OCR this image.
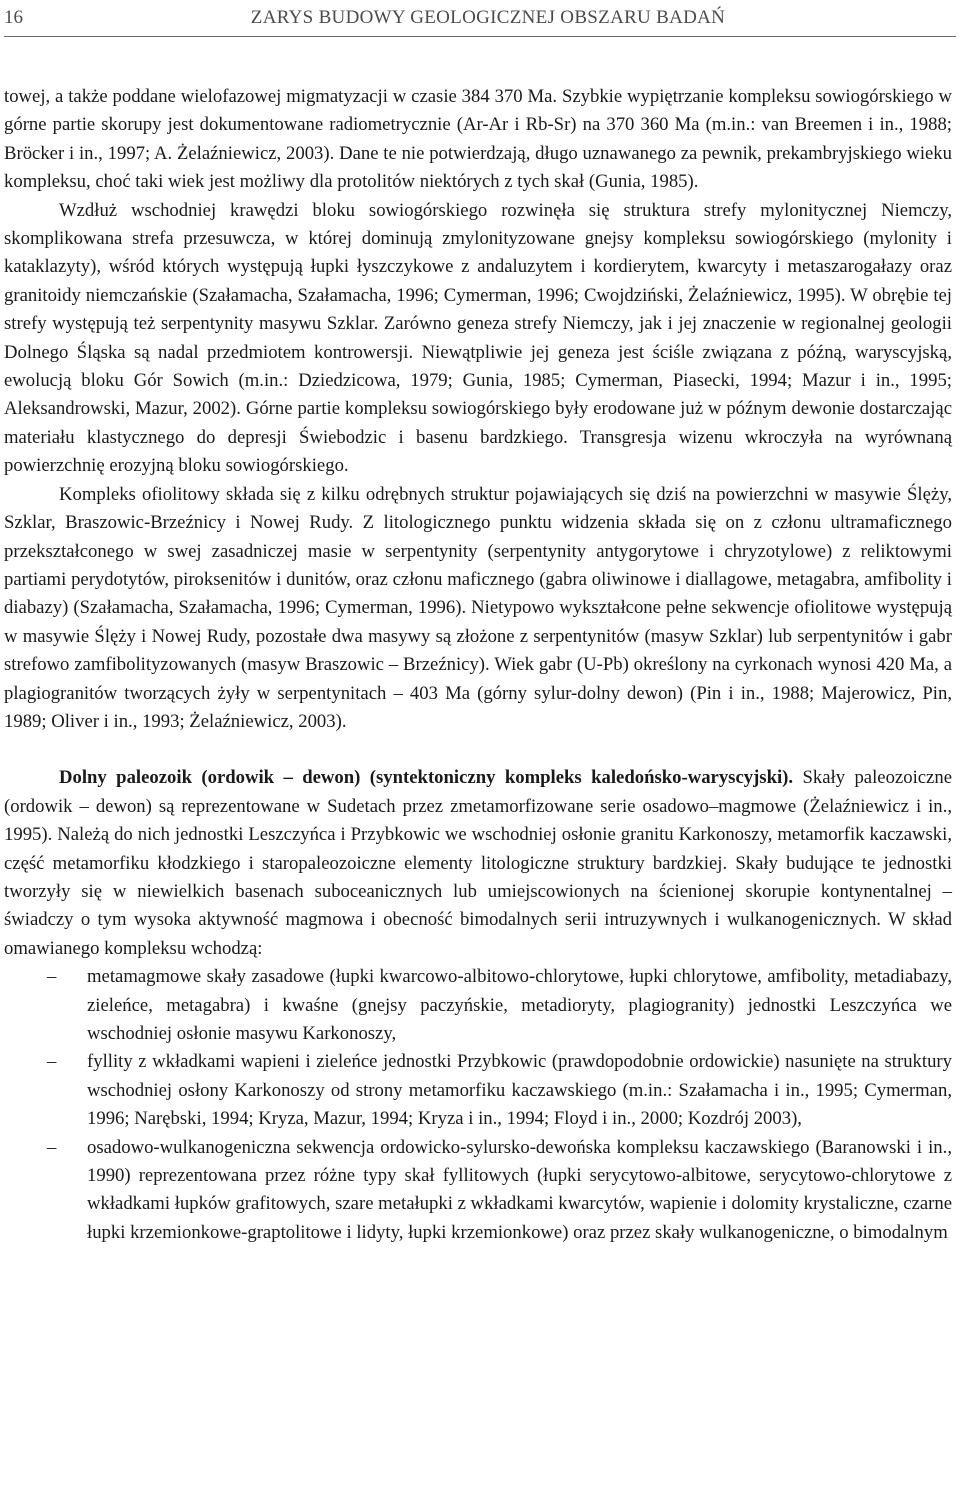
16	ZARYS BUDOWY GEOLOGICZNEJ OBSZARU BADAŃ

towej, a także poddane wielofazowej migmatyzacji w czasie 384 370 Ma. Szybkie wypiętrzanie kompleksu sowiogórskiego w górne partie skorupy jest dokumentowane radiometrycznie (Ar-Ar i Rb-Sr) na 370 360 Ma (m.in.: van Breemen i in., 1988; Bröcker i in., 1997; A. Żelaźniewicz, 2003). Dane te nie potwierdzają, długo uznawanego za pewnik, prekambryjskiego wieku kompleksu, choć taki wiek jest możliwy dla protolitów niektórych z tych skał (Gunia, 1985).

Wzdłuż wschodniej krawędzi bloku sowiogórskiego rozwinęła się struktura strefy mylonitycznej Niemczy, skomplikowana strefa przesuwcza, w której dominują zmylonityzowane gnejsy kompleksu sowiogórskiego (mylonity i kataklazyty), wśród których występują łupki łyszczykowe z andaluzytem i kordierytem, kwarcyty i metaszarogałazy oraz granitoidy niemczańskie (Szałamacha, Szałamacha, 1996; Cymerman, 1996; Cwojdziński, Żelaźniewicz, 1995). W obrębie tej strefy występują też serpentynity masywu Szklar. Zarówno geneza strefy Niemczy, jak i jej znaczenie w regionalnej geologii Dolnego Śląska są nadal przedmiotem kontrowersji. Niewątpliwie jej geneza jest ściśle związana z późną, waryscyjską, ewolucją bloku Gór Sowich (m.in.: Dziedzicowa, 1979; Gunia, 1985; Cymerman, Piasecki, 1994; Mazur i in., 1995; Aleksandrowski, Mazur, 2002). Górne partie kompleksu sowiogórskiego były erodowane już w późnym dewonie dostarczając materiału klastycznego do depresji Świebodzic i basenu bardzkiego. Transgresja wizenu wkroczyła na wyrównaną powierzchnię erozyjną bloku sowiogórskiego.

Kompleks ofiolitowy składa się z kilku odrębnych struktur pojawiających się dziś na powierzchni w masywie Ślęży, Szklar, Braszowic-Brzeźnicy i Nowej Rudy. Z litologicznego punktu widzenia składa się on z członu ultramaficznego przekształconego w swej zasadniczej masie w serpentynity (serpentynity antygorytowe i chryzotylowe) z reliktowymi partiami perydotytów, piroksenitów i dunitów, oraz członu maficznego (gabra oliwinowe i diallagowe, metagabra, amfibolity i diabazy) (Szałamacha, Szałamacha, 1996; Cymerman, 1996). Nietypowo wykształcone pełne sekwencje ofiolitowe występują w masywie Ślęży i Nowej Rudy, pozostałe dwa masywy są złożone z serpentynitów (masyw Szklar) lub serpentynitów i gabr strefowo zamfibolityzowanych (masyw Braszowic – Brzeźnicy). Wiek gabr (U-Pb) określony na cyrkonach wynosi 420 Ma, a plagiogranitów tworzących żyły w serpentynitach – 403 Ma (górny sylur-dolny dewon) (Pin i in., 1988; Majerowicz, Pin, 1989; Oliver i in., 1993; Żelaźniewicz, 2003).

Dolny paleozoik (ordowik – dewon) (syntektoniczny kompleks kaledońsko-waryscyjski). Skały paleozoiczne (ordowik – dewon) są reprezentowane w Sudetach przez zmetamorfizowane serie osadowo–magmowe (Żelaźniewicz i in., 1995). Należą do nich jednostki Leszczyńca i Przybkowic we wschodniej osłonie granitu Karkonoszy, metamorfik kaczawski, część metamorfiku kłodzkiego i staropaleozoiczne elementy litologiczne struktury bardzkiej. Skały budujące te jednostki tworzyły się w niewielkich basenach suboceanicznych lub umiejscowionych na ścienionej skorupie kontynentalnej – świadczy o tym wysoka aktywność magmowa i obecność bimodalnych serii intruzywnych i wulkanogenicznych. W skład omawianego kompleksu wchodzą:

– metamagmowe skały zasadowe (łupki kwarcowo-albitowo-chlorytowe, łupki chlorytowe, amfibolity, metadiabazy, zieleńce, metagabra) i kwaśne (gnejsy paczyńskie, metadioryty, plagiogranity) jednostki Leszczyńca we wschodniej osłonie masywu Karkonoszy,
– fyllity z wkładkami wapieni i zieleńce jednostki Przybkowic (prawdopodobnie ordowickie) nasunięte na struktury wschodniej osłony Karkonoszy od strony metamorfiku kaczawskiego (m.in.: Szałamacha i in., 1995; Cymerman, 1996; Narębski, 1994; Kryza, Mazur, 1994; Kryza i in., 1994; Floyd i in., 2000; Kozdrój 2003),
– osadowo-wulkanogeniczna sekwencja ordowicko-sylursko-dewońska kompleksu kaczawskiego (Baranowski i in., 1990) reprezentowana przez różne typy skał fyllitowych (łupki serycytowo-albitowe, serycytowo-chlorytowe z wkładkami łupków grafitowych, szare metałupki z wkładkami kwarcytów, wapienie i dolomity krystaliczne, czarne łupki krzemionkowe-graptolitowe i lidyty, łupki krzemionkowe) oraz przez skały wulkanogeniczne, o bimodalnym
